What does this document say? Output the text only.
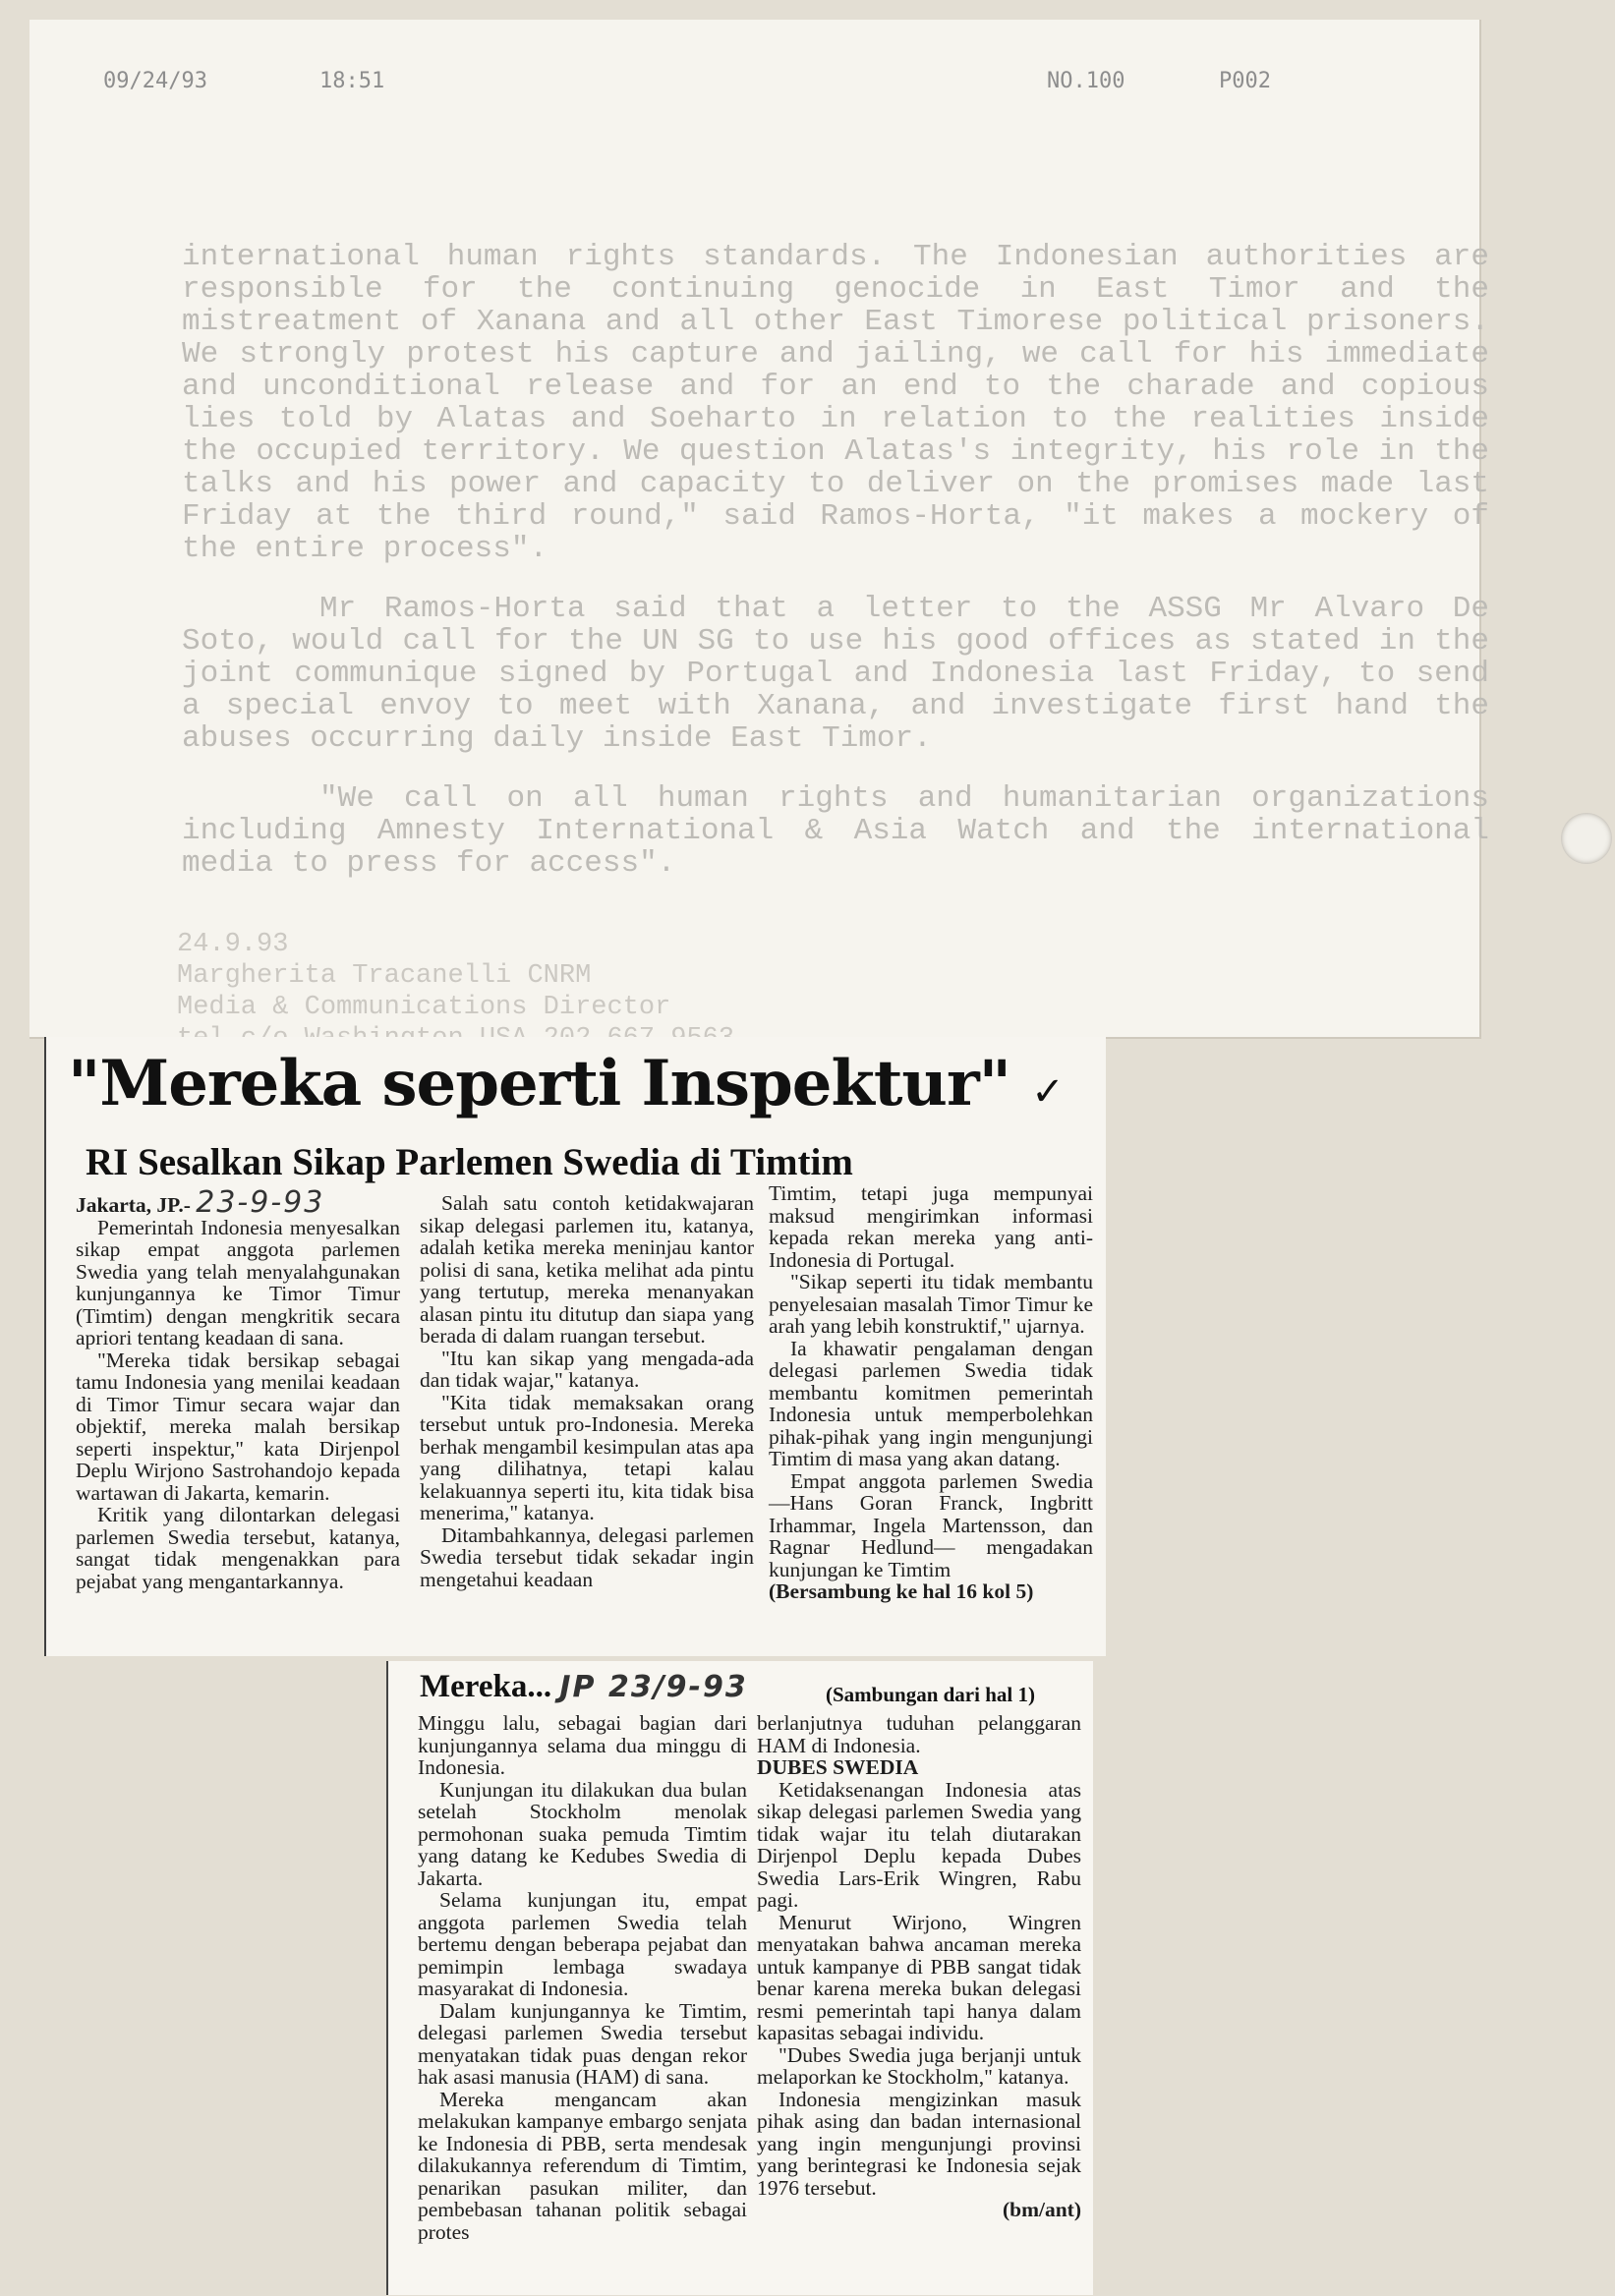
09/24/93	18:51	NO.100	P002

international human rights standards. The Indonesian authorities are responsible for the continuing genocide in East Timor and the mistreatment of Xanana and all other East Timorese political prisoners. We strongly protest his capture and jailing, we call for his immediate and unconditional release and for an end to the charade and copious lies told by Alatas and Soeharto in relation to the realities inside the occupied territory. We question Alatas's integrity, his role in the talks and his power and capacity to deliver on the promises made last Friday at the third round," said Ramos-Horta, "it makes a mockery of the entire process".

Mr Ramos-Horta said that a letter to the ASSG Mr Alvaro De Soto, would call for the UN SG to use his good offices as stated in the joint communique signed by Portugal and Indonesia last Friday, to send a special envoy to meet with Xanana, and investigate first hand the abuses occurring daily inside East Timor.

"We call on all human rights and humanitarian organizations including Amnesty International & Asia Watch and the international media to press for access".

24.9.93
Margherita Tracanelli CNRM
Media & Communications Director
"Mereka seperti Inspektur" ✓
RI Sesalkan Sikap Parlemen Swedia di Timtim

Jakarta, JP.- 23-9-93

Pemerintah Indonesia menyesalkan sikap empat anggota parlemen Swedia yang telah menyalahgunakan kunjungannya ke Timor Timur (Timtim) dengan mengkritik secara apriori tentang keadaan di sana.

"Mereka tidak bersikap sebagai tamu Indonesia yang menilai keadaan di Timor Timur secara wajar dan objektif, mereka malah bersikap seperti inspektur," kata Dirjenpol Deplu Wirjono Sastrohandojo kepada wartawan di Jakarta, kemarin.

Kritik yang dilontarkan delegasi parlemen Swedia tersebut, katanya, sangat tidak mengenakkan para pejabat yang mengantarkannya.

Salah satu contoh ketidakwajaran sikap delegasi parlemen itu, katanya, adalah ketika mereka meninjau kantor polisi di sana, ketika melihat ada pintu yang tertutup, mereka menanyakan alasan pintu itu ditutup dan siapa yang berada di dalam ruangan tersebut.

"Itu kan sikap yang mengada-ada dan tidak wajar," katanya.

"Kita tidak memaksakan orang tersebut untuk pro-Indonesia. Mereka berhak mengambil kesimpulan atas apa yang dilihatnya, tetapi kalau kelakuannya seperti itu, kita tidak bisa menerima," katanya.

Ditambahkannya, delegasi parlemen Swedia tersebut tidak sekadar ingin mengetahui keadaan

Timtim, tetapi juga mempunyai maksud mengirimkan informasi kepada rekan mereka yang anti-Indonesia di Portugal.

"Sikap seperti itu tidak membantu penyelesaian masalah Timor Timur ke arah yang lebih konstruktif," ujarnya.

Ia khawatir pengalaman dengan delegasi parlemen Swedia tidak membantu komitmen pemerintah Indonesia untuk memperbolehkan pihak-pihak yang ingin mengunjungi Timtim di masa yang akan datang.

Empat anggota parlemen Swedia —Hans Goran Franck, Ingbritt Irhammar, Ingela Martensson, dan Ragnar Hedlund— mengadakan kunjungan ke Timtim

(Bersambung ke hal 16 kol 5)

Mereka... JP 23/9-93	(Sambungan dari hal 1)

Minggu lalu, sebagai bagian dari kunjungannya selama dua minggu di Indonesia.

Kunjungan itu dilakukan dua bulan setelah Stockholm menolak permohonan suaka pemuda Timtim yang datang ke Kedubes Swedia di Jakarta.

Selama kunjungan itu, empat anggota parlemen Swedia telah bertemu dengan beberapa pejabat dan pemimpin lembaga swadaya masyarakat di Indonesia.

Dalam kunjungannya ke Timtim, delegasi parlemen Swedia tersebut menyatakan tidak puas dengan rekor hak asasi manusia (HAM) di sana.

Mereka mengancam akan melakukan kampanye embargo senjata ke Indonesia di PBB, serta mendesak dilakukannya referendum di Timtim, penarikan pasukan militer, dan pembebasan tahanan politik sebagai protes

berlanjutnya tuduhan pelanggaran HAM di Indonesia.

DUBES SWEDIA

Ketidaksenangan Indonesia atas sikap delegasi parlemen Swedia yang tidak wajar itu telah diutarakan Dirjenpol Deplu kepada Dubes Swedia Lars-Erik Wingren, Rabu pagi.

Menurut Wirjono, Wingren menyatakan bahwa ancaman mereka untuk kampanye di PBB sangat tidak benar karena mereka bukan delegasi resmi pemerintah tapi hanya dalam kapasitas sebagai individu.

"Dubes Swedia juga berjanji untuk melaporkan ke Stockholm," katanya.

Indonesia mengizinkan masuk pihak asing dan badan internasional yang ingin mengunjungi provinsi yang berintegrasi ke Indonesia sejak 1976 tersebut.

(bm/ant)
